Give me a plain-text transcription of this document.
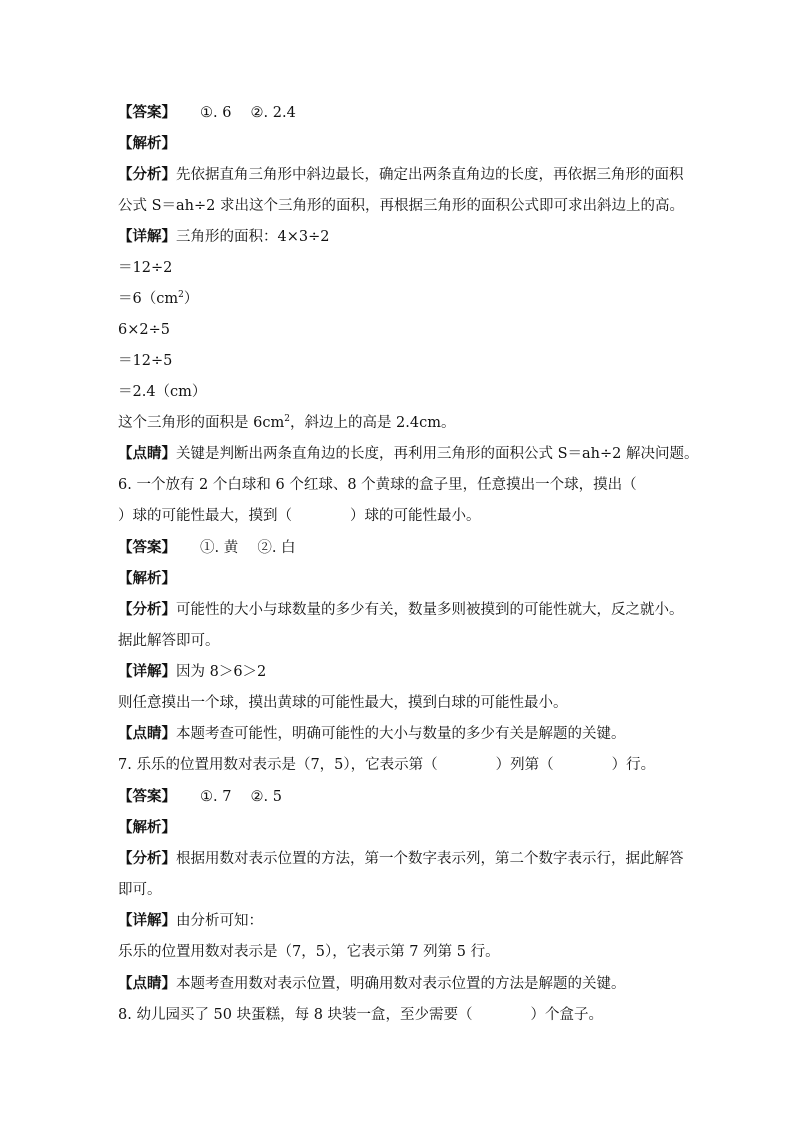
【答案】 ①. 6　 ②. 2.4
【解析】
【分析】先依据直角三角形中斜边最长，确定出两条直角边的长度，再依据三角形的面积
公式 S＝ah÷2 求出这个三角形的面积，再根据三角形的面积公式即可求出斜边上的高。
【详解】三角形的面积：4×3÷2
＝12÷2
$=6(cm^2)$
6×2÷5
＝12÷5
＝2.4（cm）
这个三角形的面积是 $6cm^2$，斜边上的高是 2.4cm。
【点睛】关键是判断出两条直角边的长度，再利用三角形的面积公式 S＝ah÷2 解决问题。
6. 一个放有 2 个白球和 6 个红球、8 个黄球的盒子里，任意摸出一个球，摸出（
）球的可能性最大，摸到（　　　　）球的可能性最小。
【答案】 ①. 黄　 ②. 白
【解析】
【分析】可能性的大小与球数量的多少有关，数量多则被摸到的可能性就大，反之就小。
据此解答即可。
【详解】因为 8＞6＞2
则任意摸出一个球，摸出黄球的可能性最大，摸到白球的可能性最小。
【点睛】本题考查可能性，明确可能性的大小与数量的多少有关是解题的关键。
7. 乐乐的位置用数对表示是（7，5），它表示第（　　　　）列第（　　　　）行。
【答案】 ①. 7　 ②. 5
【解析】
【分析】根据用数对表示位置的方法，第一个数字表示列，第二个数字表示行，据此解答
即可。
【详解】由分析可知：
乐乐的位置用数对表示是（7，5），它表示第 7 列第 5 行。
【点睛】本题考查用数对表示位置，明确用数对表示位置的方法是解题的关键。
8. 幼儿园买了 50 块蛋糕，每 8 块装一盒，至少需要（　　　　）个盒子。
